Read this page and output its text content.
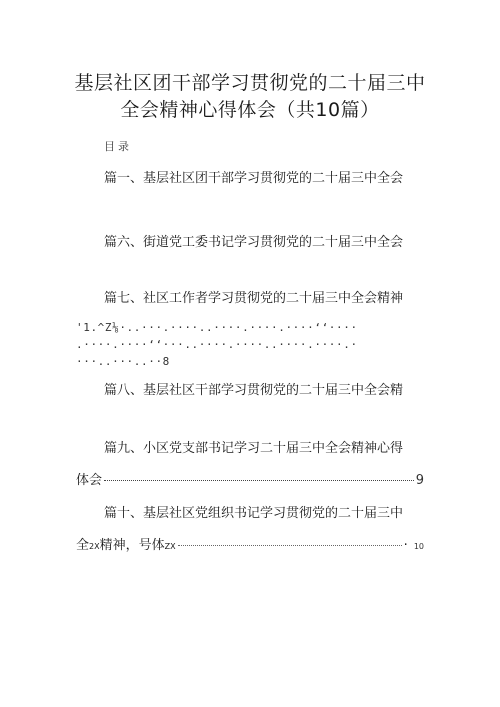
基层社区团干部学习贯彻党的二十届三中
全会精神心得体会（共10篇）
目录
篇一、基层社区团干部学习贯彻党的二十届三中全会
篇六、街道党工委书记学习贯彻党的二十届三中全会
篇七、社区工作者学习贯彻党的二十届三中全会精神
'1.^Z⅛·..···.····..····.····.····‘‘····
.····.····‘‘···..····.····..····.····.·
···..···..··8
篇八、基层社区干部学习贯彻党的二十届三中全会精
篇九、小区党支部书记学习二十届三中全会精神心得
体会	9
篇十、基层社区党组织书记学习贯彻党的二十届三中
全 2X 精神，号体 ZX	· 10
